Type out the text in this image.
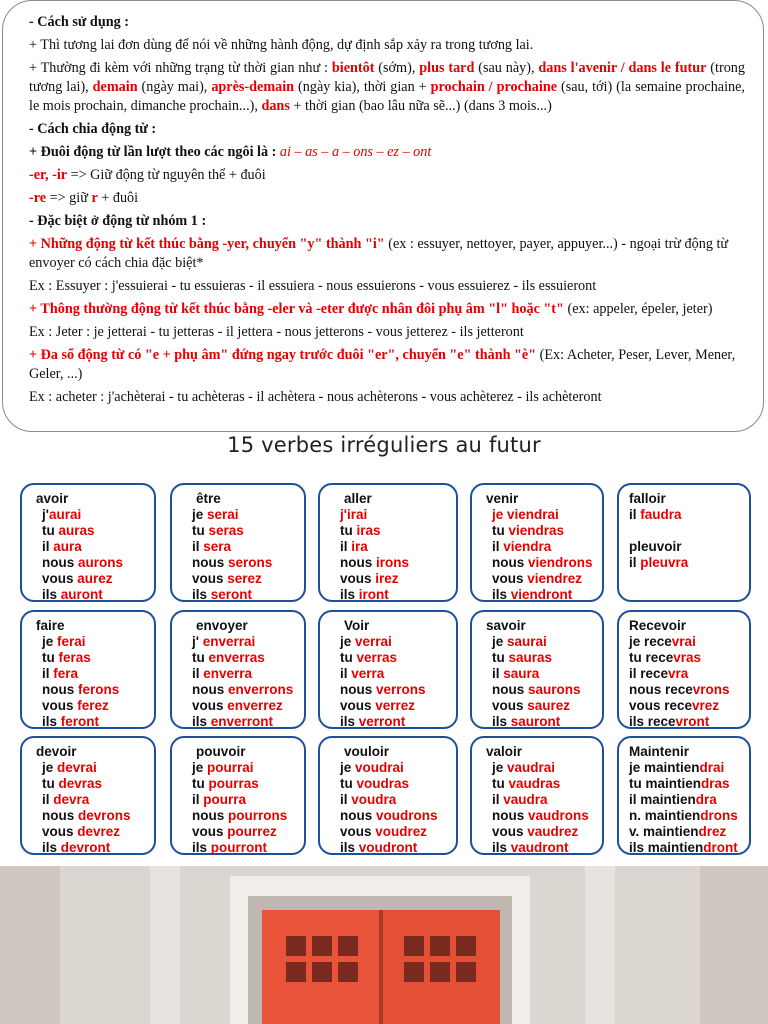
- Cách sử dụng :

+ Thì tương lai đơn dùng để nói về những hành động, dự định sắp xảy ra trong tương lai.

+ Thường đi kèm với những trạng từ thời gian như : bientôt (sớm), plus tard (sau này), dans l'avenir / dans le futur (trong tương lai), demain (ngày mai), après-demain (ngày kia), thời gian + prochain / prochaine (sau, tới) (la semaine prochaine, le mois prochain, dimanche prochain...), dans + thời gian (bao lâu nữa sẽ...) (dans 3 mois...)

- Cách chia động từ :

+ Đuôi động từ lần lượt theo các ngôi là : ai – as – a – ons – ez – ont

-er, -ir => Giữ động từ nguyên thể + đuôi

-re => giữ r + đuôi

- Đặc biệt ở động từ nhóm 1 :

+ Những động từ kết thúc bằng -yer, chuyển "y" thành "i" (ex : essuyer, nettoyer, payer, appuyer...) - ngoại trừ động từ envoyer có cách chia đặc biệt*

Ex : Essuyer : j'essuierai - tu essuieras - il essuiera - nous essuierons - vous essuierez - ils essuieront

+ Thông thường động từ kết thúc bằng -eler và -eter được nhân đôi phụ âm "l" hoặc "t" (ex: appeler, épeler, jeter)

Ex : Jeter : je jetterai - tu jetteras - il jettera - nous jetterons - vous jetterez - ils jetteront

+ Đa số động từ có "e + phụ âm" đứng ngay trước đuôi "er", chuyển "e" thành "è" (Ex: Acheter, Peser, Lever, Mener, Geler, ...)

Ex : acheter : j'achèterai - tu achèteras - il achètera - nous achèterons - vous achèterez - ils achèteront

15 verbes irréguliers au futur
avoir
j'aurai
tu auras
il aura
nous aurons
vous aurez
ils auront
être
je serai
tu seras
il sera
nous serons
vous serez
ils seront
aller
j'irai
tu iras
il ira
nous irons
vous irez
ils iront
venir
je viendrai
tu viendras
il viendra
nous viendrons
vous viendrez
ils viendront
falloir
il faudra
pleuvoir
il pleuvra
faire
je ferai
tu feras
il fera
nous ferons
vous ferez
ils feront
envoyer
j' enverrai
tu enverras
il enverra
nous enverrons
vous enverrez
ils enverront
Voir
je verrai
tu verras
il verra
nous verrons
vous verrez
ils verront
savoir
je saurai
tu sauras
il saura
nous saurons
vous saurez
ils sauront
Recevoir
je recevrai
tu recevras
il recevra
nous recevrons
vous recevrez
ils recevront
devoir
je devrai
tu devras
il devra
nous devrons
vous devrez
ils devront
pouvoir
je pourrai
tu pourras
il pourra
nous pourrons
vous pourrez
ils pourront
vouloir
je voudrai
tu voudras
il voudra
nous voudrons
vous voudrez
ils voudront
valoir
je vaudrai
tu vaudras
il vaudra
nous vaudrons
vous vaudrez
ils vaudront
Maintenir
je maintiendrai
tu maintiendras
il maintiendra
n. maintiendrons
v. maintiendrez
ils maintiendront
